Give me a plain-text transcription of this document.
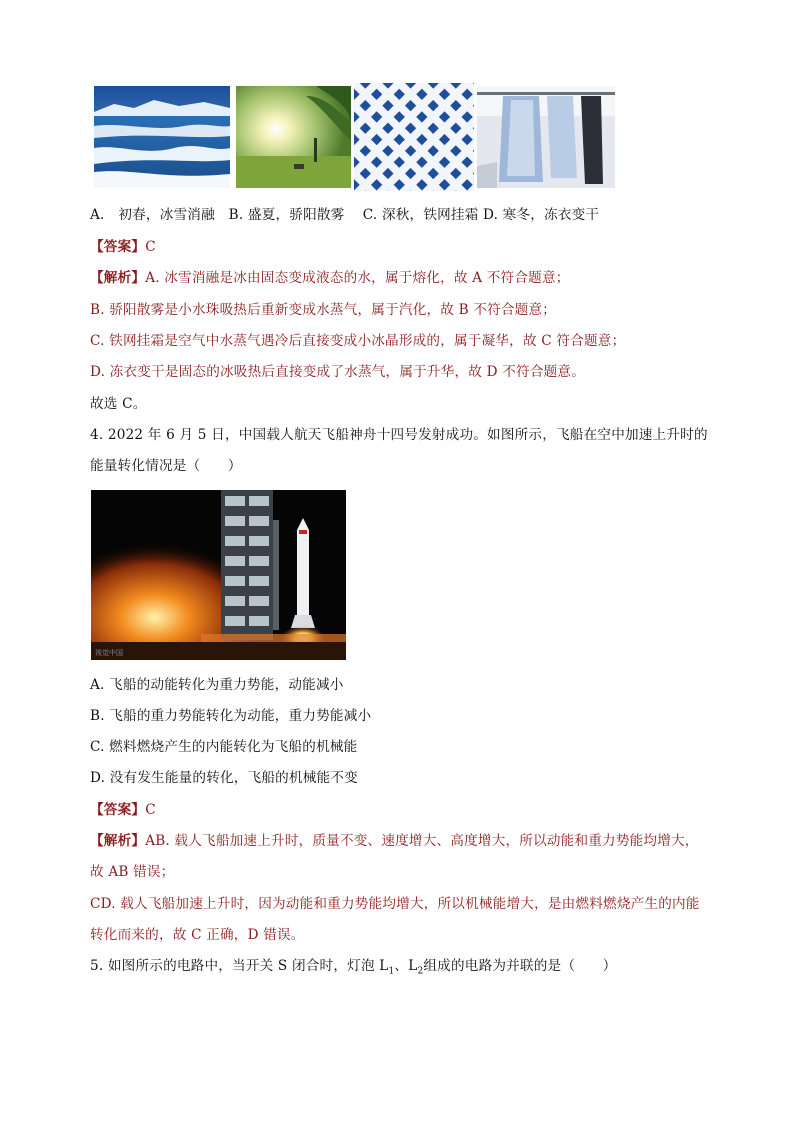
A.　初春，冰雪消融　B. 盛夏，骄阳散雾　 C. 深秋，铁网挂霜 D. 寒冬，冻衣变干
【答案】C
【解析】A. 冰雪消融是冰由固态变成液态的水，属于熔化，故 A 不符合题意；
B. 骄阳散雾是小水珠吸热后重新变成水蒸气，属于汽化，故 B 不符合题意；
C. 铁网挂霜是空气中水蒸气遇冷后直接变成小冰晶形成的，属于凝华，故 C 符合题意；
D. 冻衣变干是固态的冰吸热后直接变成了水蒸气，属于升华，故 D 不符合题意。
故选 C。
4. 2022 年 6 月 5 日，中国载人航天飞船神舟十四号发射成功。如图所示，飞船在空中加速上升时的
能量转化情况是（　　）
视觉中国
A. 飞船的动能转化为重力势能，动能减小
B. 飞船的重力势能转化为动能，重力势能减小
C. 燃料燃烧产生的内能转化为飞船的机械能
D. 没有发生能量的转化，飞船的机械能不变
【答案】C
【解析】AB. 载人飞船加速上升时，质量不变、速度增大、高度增大，所以动能和重力势能均增大，
故 AB 错误；
CD. 载人飞船加速上升时，因为动能和重力势能均增大，所以机械能增大，是由燃料燃烧产生的内能
转化而来的，故 C 正确，D 错误。
5. 如图所示的电路中，当开关 S 闭合时，灯泡 $L_1$、$L_2$组成的电路为并联的是（　　）
